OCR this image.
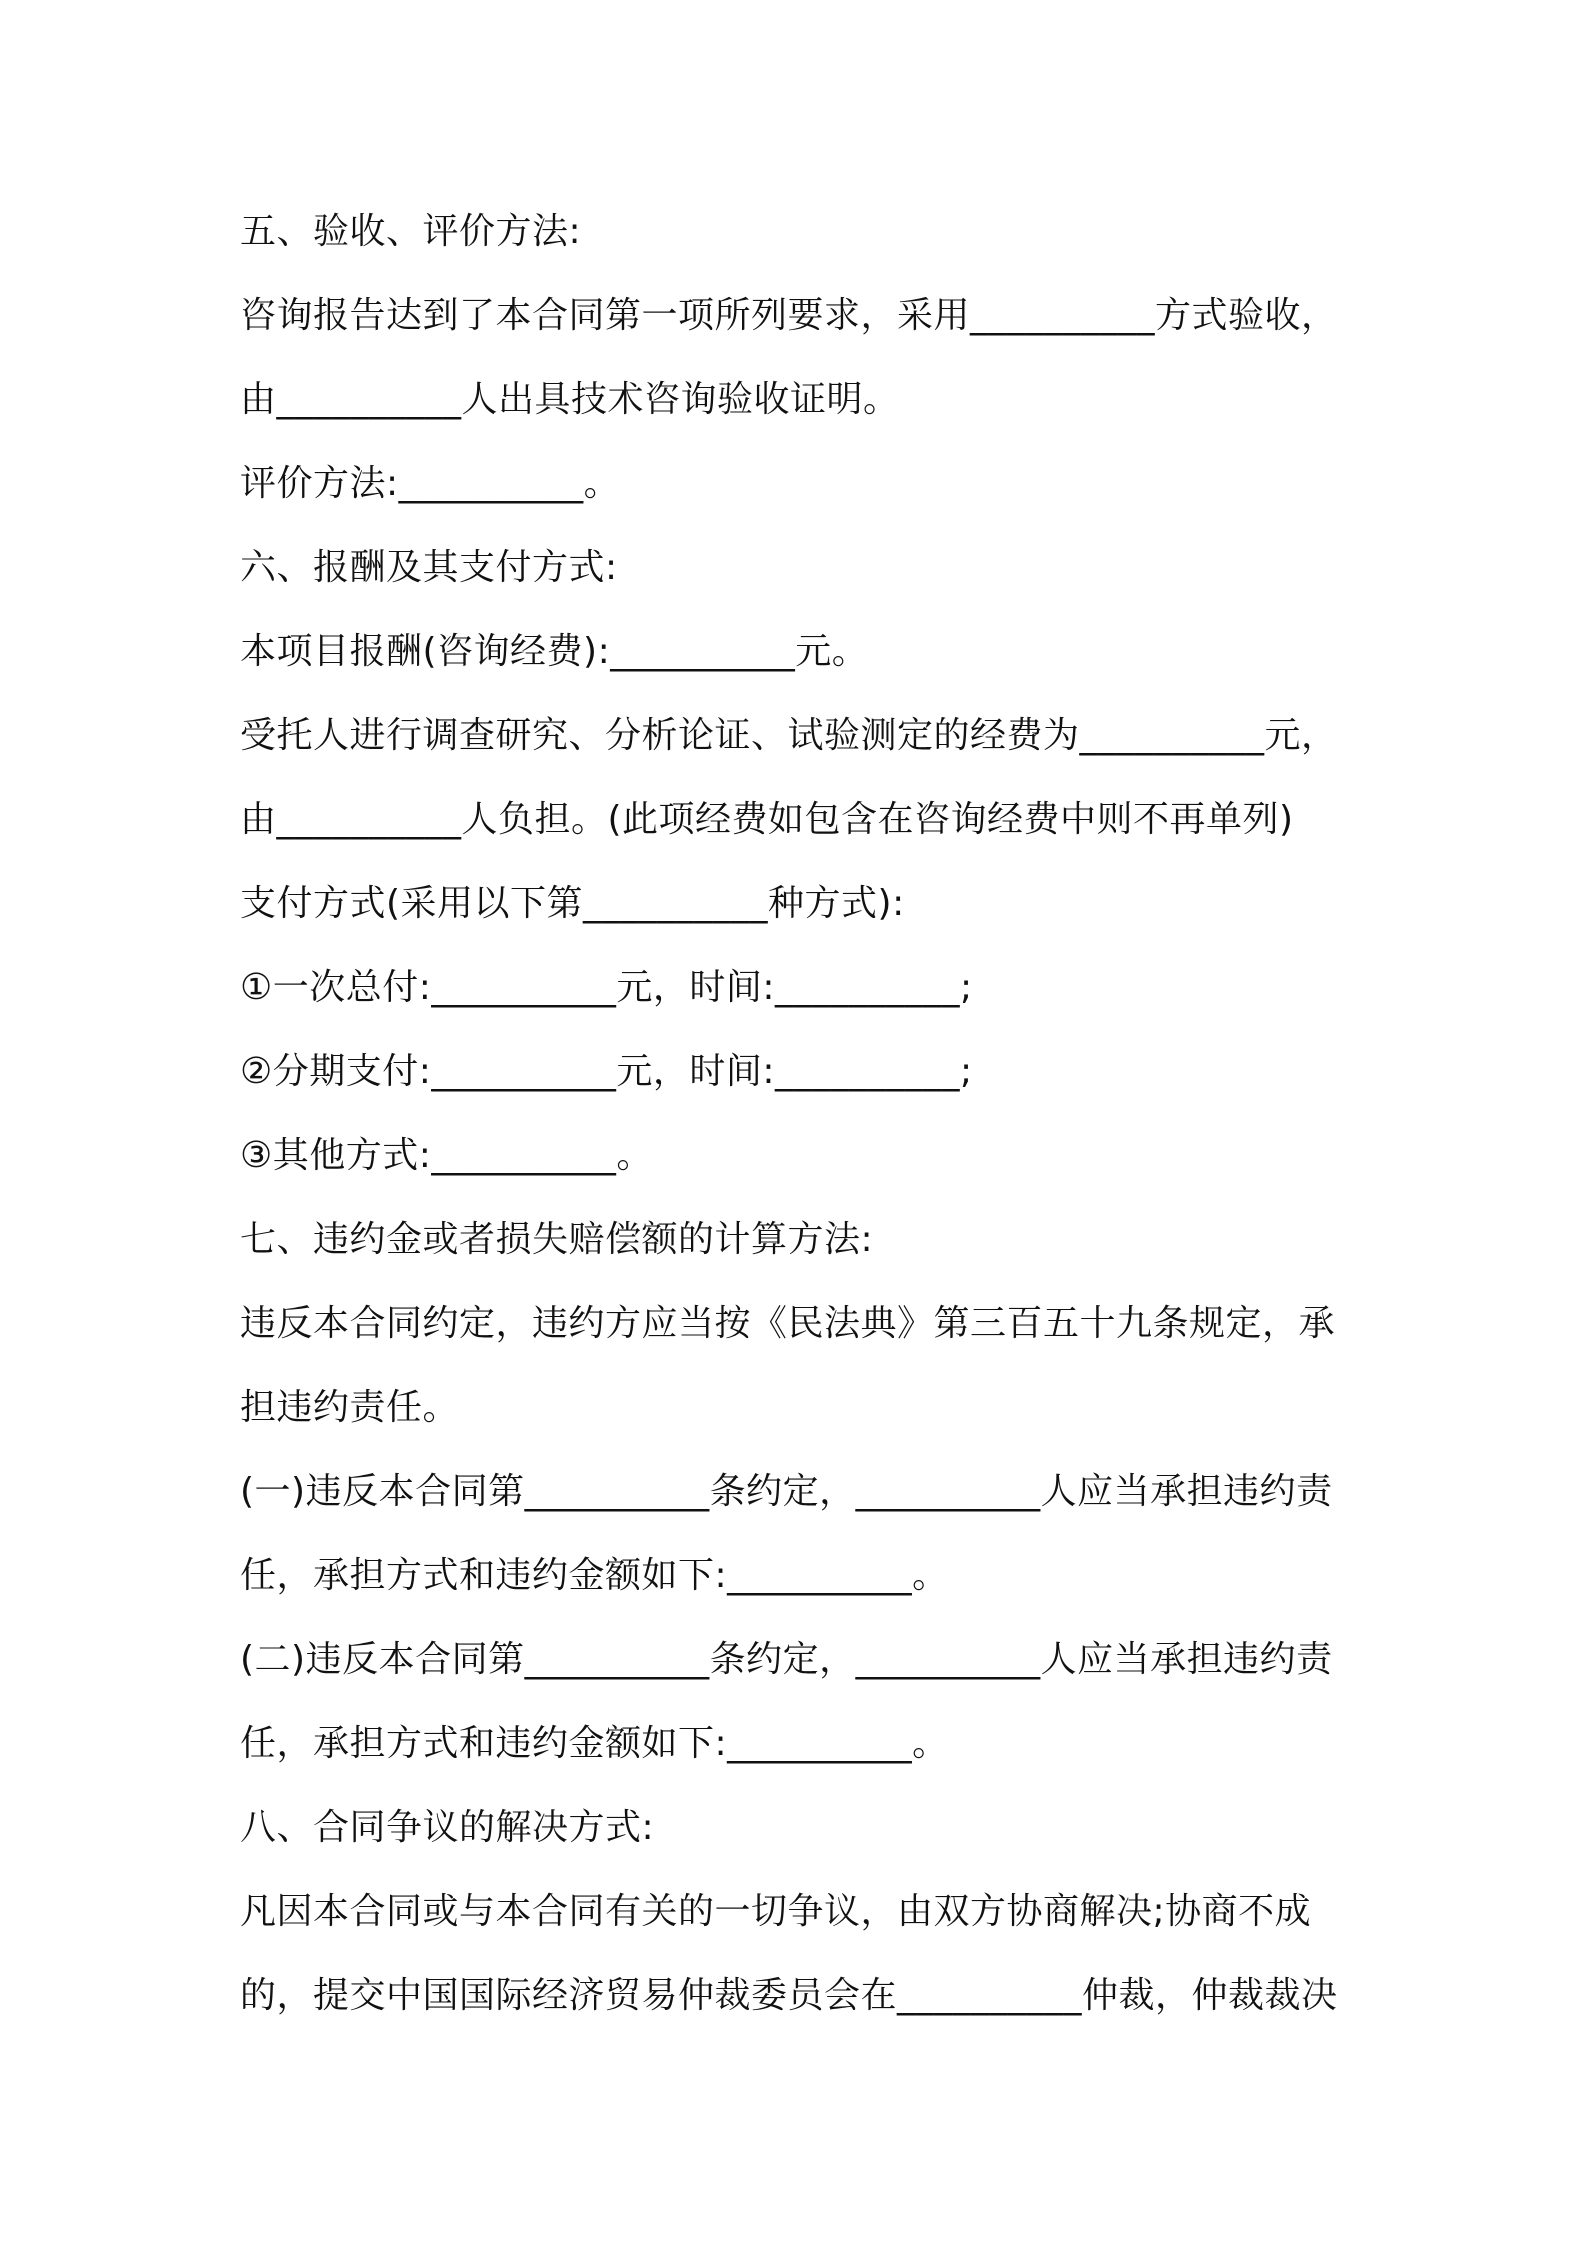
五、验收、评价方法:
咨询报告达到了本合同第一项所列要求，采用__________方式验收，
由__________人出具技术咨询验收证明。
评价方法:__________。
六、报酬及其支付方式:
本项目报酬(咨询经费):__________元。
受托人进行调查研究、分析论证、试验测定的经费为__________元，
由__________人负担。(此项经费如包含在咨询经费中则不再单列)
支付方式(采用以下第__________种方式):
①一次总付:__________元，时间:__________;
②分期支付:__________元，时间:__________;
③其他方式:__________。
七、违约金或者损失赔偿额的计算方法:
违反本合同约定，违约方应当按《民法典》第三百五十九条规定，承
担违约责任。
(一)违反本合同第__________条约定，__________人应当承担违约责
任，承担方式和违约金额如下:__________。
(二)违反本合同第__________条约定，__________人应当承担违约责
任，承担方式和违约金额如下:__________。
八、合同争议的解决方式:
凡因本合同或与本合同有关的一切争议，由双方协商解决;协商不成
的，提交中国国际经济贸易仲裁委员会在__________仲裁，仲裁裁决
